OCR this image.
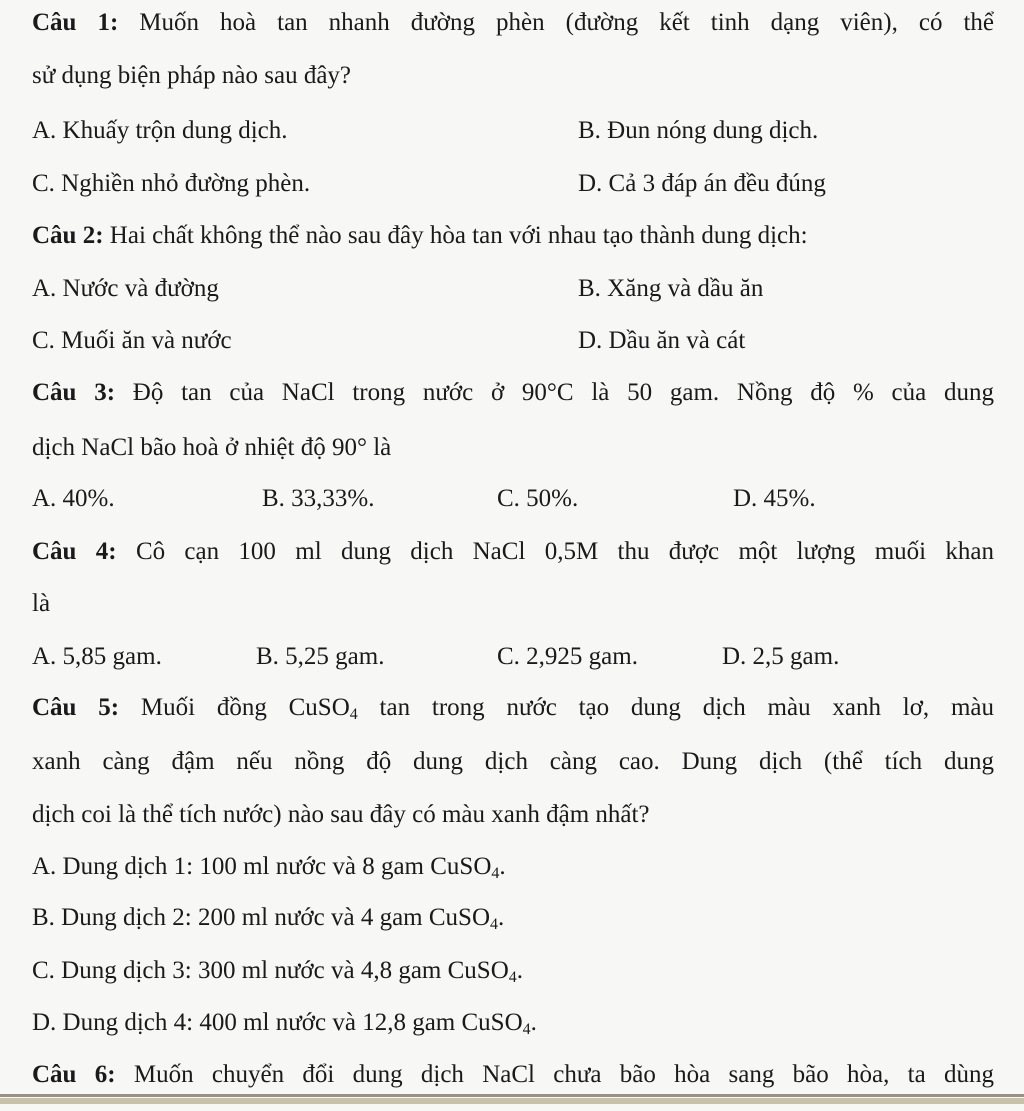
Câu 1: Muốn hoà tan nhanh đường phèn (đường kết tinh dạng viên), có thể
sử dụng biện pháp nào sau đây?
A. Khuấy trộn dung dịch.	B. Đun nóng dung dịch.
C. Nghiền nhỏ đường phèn.	D. Cả 3 đáp án đều đúng
Câu 2: Hai chất không thể nào sau đây hòa tan với nhau tạo thành dung dịch:
A. Nước và đường	B. Xăng và dầu ăn
C. Muối ăn và nước	D. Dầu ăn và cát
Câu 3: Độ tan của NaCl trong nước ở 90°C là 50 gam. Nồng độ % của dung
dịch NaCl bão hoà ở nhiệt độ 90° là
A. 40%.	B. 33,33%.	C. 50%.	D. 45%.
Câu 4: Cô cạn 100 ml dung dịch NaCl 0,5M thu được một lượng muối khan
là
A. 5,85 gam.	B. 5,25 gam.	C. 2,925 gam.	D. 2,5 gam.
Câu 5: Muối đồng CuSO$_4$ tan trong nước tạo dung dịch màu xanh lơ, màu
xanh càng đậm nếu nồng độ dung dịch càng cao. Dung dịch (thể tích dung
dịch coi là thể tích nước) nào sau đây có màu xanh đậm nhất?
A. Dung dịch 1: 100 ml nước và 8 gam CuSO$_4$.
B. Dung dịch 2: 200 ml nước và 4 gam CuSO$_4$.
C. Dung dịch 3: 300 ml nước và 4,8 gam CuSO$_4$.
D. Dung dịch 4: 400 ml nước và 12,8 gam CuSO$_4$.
Câu 6: Muốn chuyển đổi dung dịch NaCl chưa bão hòa sang bão hòa, ta dùng
